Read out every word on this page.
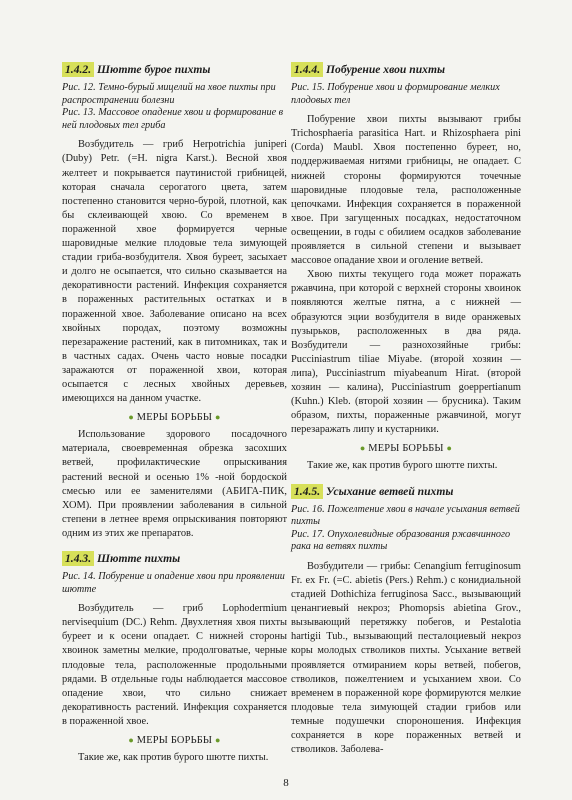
1.4.2. Шютте бурое пихты
Рис. 12. Темно-бурый мицелий на хвое пихты при распространении болезни
Рис. 13. Массовое опадение хвои и формирование в ней плодовых тел гриба

Возбудитель — гриб Herpotrichia juniperi (Duby) Petr. (=H. nigra Karst.). Весной хвоя желтеет и покрывается паутинистой грибницей, которая сначала серогатого цвета, затем постепенно становится черно-бурой, плотной, как бы склеивающей хвою. Со временем в пораженной хвое формируется черные шаровидные мелкие плодовые тела зимующей стадии гриба-возбудителя. Хвоя буреет, засыхает и долго не осыпается, что сильно сказывается на декоративности растений. Инфекция сохраняется в пораженных растительных остатках и в пораженной хвое. Заболевание описано на всех хвойных породах, поэтому возможны перезаражение растений, как в питомниках, так и в частных садах. Очень часто новые посадки заражаются от пораженной хвои, которая осыпается с лесных хвойных деревьев, имеющихся на данном участке.

● МЕРЫ БОРЬБЫ ●

Использование здорового посадочного материала, своевременная обрезка засохших ветвей, профилактические опрыскивания растений весной и осенью 1% -ной бордоской смесью или ее заменителями (АБИГА-ПИК, ХОМ). При проявлении заболевания в сильной степени в летнее время опрыскивания повторяют одним из этих же препаратов.

1.4.3. Шютте пихты
Рис. 14. Побурение и опадение хвои при проявлении шютте

Возбудитель — гриб Lophodermium nervisequium (DC.) Rehm. Двухлетняя хвоя пихты буреет и к осени опадает. С нижней стороны хвоинок заметны мелкие, продолговатые, черные плодовые тела, расположенные продольными рядами. В отдельные годы наблюдается массовое опадение хвои, что сильно снижает декоративность растений. Инфекция сохраняется в пораженной хвое.

● МЕРЫ БОРЬБЫ ●

Такие же, как против бурого шютте пихты.

1.4.4. Побурение хвои пихты
Рис. 15. Побурение хвои и формирование мелких плодовых тел

Побурение хвои пихты вызывают грибы Trichosphaeria parasitica Hart. и Rhizosphaera pini (Corda) Maubl. Хвоя постепенно буреет, но, поддерживаемая нитями грибницы, не опадает. С нижней стороны формируются точечные шаровидные плодовые тела, расположенные цепочками. Инфекция сохраняется в пораженной хвое. При загущенных посадках, недостаточном освещении, в годы с обилием осадков заболевание проявляется в сильной степени и вызывает массовое опадание хвои и оголение ветвей.

Хвою пихты текущего года может поражать ржавчина, при которой с верхней стороны хвоинок появляются желтые пятна, а с нижней — образуются эции возбудителя в виде оранжевых пузырьков, расположенных в два ряда. Возбудители — разнохозяйные грибы: Pucciniastrum tiliae Miyabe. (второй хозяин — липа), Pucciniastrum miyabeanum Hirat. (второй хозяин — калина), Pucciniastrum goeppertianum (Kuhn.) Kleb. (второй хозяин — брусника). Таким образом, пихты, пораженные ржавчиной, могут перезаражать липу и кустарники.

● МЕРЫ БОРЬБЫ ●

Такие же, как против бурого шютте пихты.

1.4.5. Усыхание ветвей пихты
Рис. 16. Пожелтение хвои в начале усыхания ветвей пихты
Рис. 17. Опухолевидные образования ржавчинного рака на ветвях пихты

Возбудители — грибы: Cenangium ferruginosum Fr. ex Fr. (=C. abietis (Pers.) Rehm.) с конидиальной стадией Dothichiza ferruginosa Sacc., вызывающий ценангиевый некроз; Phomopsis abietina Grov., вызывающий перетяжку побегов, и Pestalotia hartigii Tub., вызывающий песталоциевый некроз коры молодых стволиков пихты. Усыхание ветвей проявляется отмиранием коры ветвей, побегов, стволиков, пожелтением и усыханием хвои. Со временем в пораженной коре формируются мелкие плодовые тела зимующей стадии грибов или темные подушечки спороношения. Инфекция сохраняется в коре пораженных ветвей и стволиков. Заболева-

8
